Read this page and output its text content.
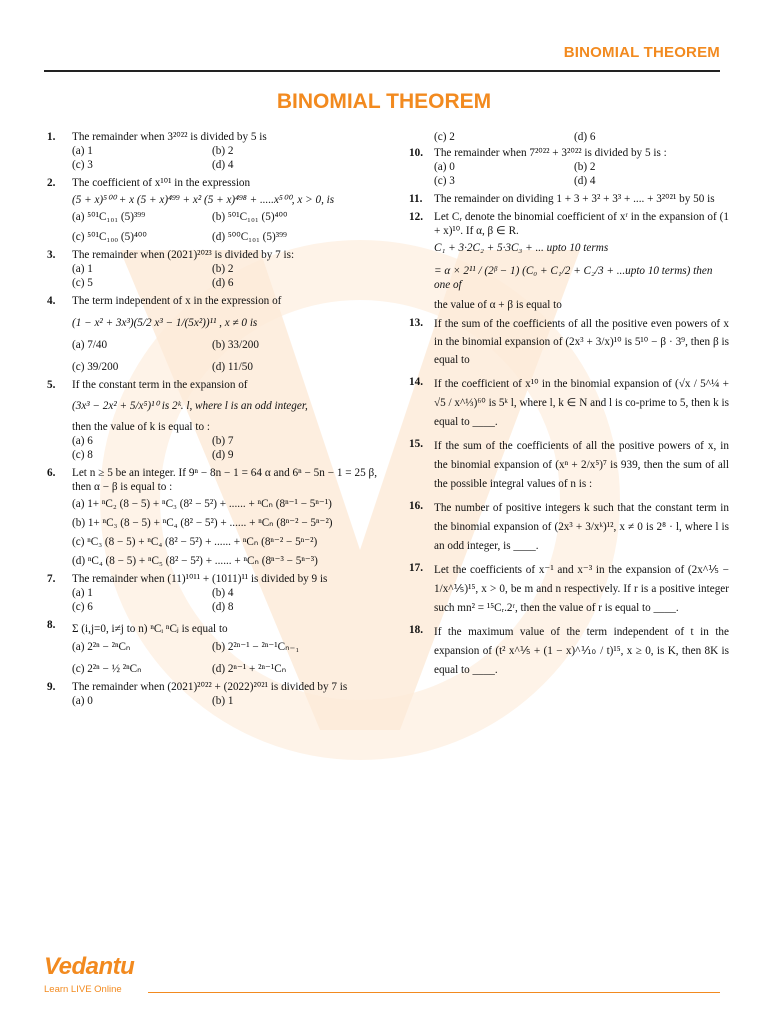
BINOMIAL THEOREM
BINOMIAL THEOREM
1. The remainder when 3²⁰²² is divided by 5 is
(a) 1	(b) 2
(c) 3	(d) 4
2. The coefficient of x¹⁰¹ in the expression
(5 + x)⁵⁰⁰ + x (5 + x)⁴⁹⁹ + x² (5 + x)⁴⁹⁸ + .....x⁵⁰⁰, x > 0, is
(a) ⁵⁰¹C₁₀₁ (5)³⁹⁹	(b) ⁵⁰¹C₁₀₁ (5)⁴⁰⁰
(c) ⁵⁰¹C₁₀₀ (5)⁴⁰⁰	(d) ⁵⁰⁰C₁₀₁ (5)³⁹⁹
3. The remainder when (2021)²⁰²³ is divided by 7 is:
(a) 1	(b) 2
(c) 5	(d) 6
4. The term independent of x in the expression of
(1 − x² + 3x³)(5/2 x³ − 1/(5x²))¹¹ , x ≠ 0 is
(a) 7/40	(b) 33/200
(c) 39/200	(d) 11/50
5. If the constant term in the expansion of
(3x³ − 2x² + 5/x⁵)¹⁰ is 2ᵏ. l, where l is an odd integer,
then the value of k is equal to :
(a) 6	(b) 7
(c) 8	(d) 9
6. Let n ≥ 5 be an integer. If 9ⁿ − 8n − 1 = 64 α and 6ⁿ − 5n − 1 = 25 β, then α − β is equal to :
(a) 1+ ⁿC₂ (8 − 5) + ⁿC₃ (8² − 5²) + ...... + ⁿCₙ (8ⁿ⁻¹ − 5ⁿ⁻¹)
(b) 1+ ⁿC₃ (8 − 5) + ⁿC₄ (8² − 5²) + ...... + ⁿCₙ (8ⁿ⁻² − 5ⁿ⁻²)
(c) ⁿC₃ (8 − 5) + ⁿC₄ (8² − 5²) + ...... + ⁿCₙ (8ⁿ⁻² − 5ⁿ⁻²)
(d) ⁿC₄ (8 − 5) + ⁿC₅ (8² − 5²) + ...... + ⁿCₙ (8ⁿ⁻³ − 5ⁿ⁻³)
7. The remainder when (11)¹⁰¹¹ + (1011)¹¹ is divided by 9 is
(a) 1	(b) 4
(c) 6	(d) 8
8. Σ (i,j=0, i≠j to n) ⁿCᵢ ⁿCⱼ is equal to
(a) 2²ⁿ − ²ⁿCₙ	(b) 2²ⁿ⁻¹ − ²ⁿ⁻¹Cₙ₋₁
(c) 2²ⁿ − ½ ²ⁿCₙ	(d) 2ⁿ⁻¹ + ²ⁿ⁻¹Cₙ
9. The remainder when (2021)²⁰²² + (2022)²⁰²¹ is divided by 7 is
(a) 0	(b) 1
(c) 2	(d) 6
10. The remainder when 7²⁰²² + 3²⁰²² is divided by 5 is :
(a) 0	(b) 2
(c) 3	(d) 4
11. The remainder on dividing 1 + 3 + 3² + 3³ + .... + 3²⁰²¹ by 50 is
12. Let Cᵣ denote the binomial coefficient of xʳ in the expansion of (1 + x)¹⁰. If α, β ∈ R.
C₁ + 3·2C₂ + 5·3C₃ + ... upto 10 terms
= α × 2¹¹ / (2ᵝ − 1) (C₀ + C₁/2 + C₂/3 + ...upto 10 terms) then one of
the value of α + β is equal to
13. If the sum of the coefficients of all the positive even powers of x in the binomial expansion of (2x³ + 3/x)¹⁰ is 5¹⁰ − β · 3⁹, then β is equal to
14. If the coefficient of x¹⁰ in the binomial expansion of (√x / 5^¼ + √5 / x^⅓)⁶⁰ is 5ᵏ l, where l, k ∈ N and l is co-prime to 5, then k is equal to ____.
15. If the sum of the coefficients of all the positive powers of x, in the binomial expansion of (xⁿ + 2/x⁵)⁷ is 939, then the sum of all the possible integral values of n is :
16. The number of positive integers k such that the constant term in the binomial expansion of (2x³ + 3/xᵏ)¹², x ≠ 0 is 2⁸ · l, where l is an odd integer, is ____.
17. Let the coefficients of x⁻¹ and x⁻³ in the expansion of (2x^⅕ − 1/x^⅕)¹⁵, x > 0, be m and n respectively. If r is a positive integer such mn² = ¹⁵Cᵣ.2ʳ, then the value of r is equal to ____.
18. If the maximum value of the term independent of t in the expansion of (t² x^⅕ + (1 − x)^⅒ / t)¹⁵, x ≥ 0, is K, then 8K is equal to ____.
Vedantu
Learn LIVE Online
